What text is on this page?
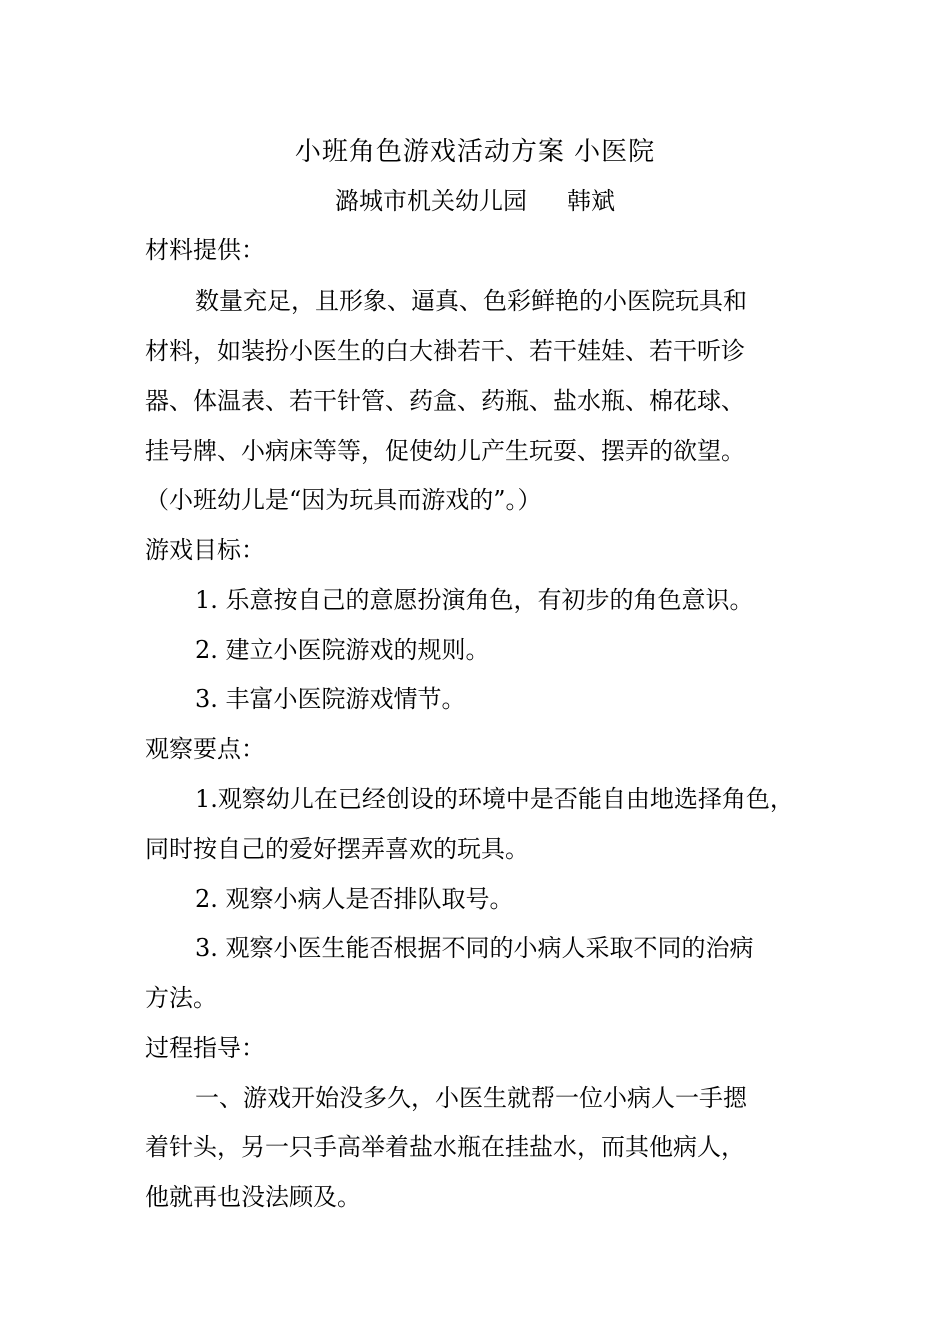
小班角色游戏活动方案 小医院
潞城市机关幼儿园 韩斌
材料提供：
数量充足，且形象、逼真、色彩鲜艳的小医院玩具和
材料，如装扮小医生的白大褂若干、若干娃娃、若干听诊
器、体温表、若干针管、药盒、药瓶、盐水瓶、棉花球、
挂号牌、小病床等等，促使幼儿产生玩耍、摆弄的欲望。
（小班幼儿是“因为玩具而游戏的”。）
游戏目标：
1. 乐意按自己的意愿扮演角色，有初步的角色意识。
2. 建立小医院游戏的规则。
3. 丰富小医院游戏情节。
观察要点：
1.观察幼儿在已经创设的环境中是否能自由地选择角色，
同时按自己的爱好摆弄喜欢的玩具。
2. 观察小病人是否排队取号。
3. 观察小医生能否根据不同的小病人采取不同的治病
方法。
过程指导：
一、游戏开始没多久，小医生就帮一位小病人一手摁
着针头，另一只手高举着盐水瓶在挂盐水，而其他病人，
他就再也没法顾及。
